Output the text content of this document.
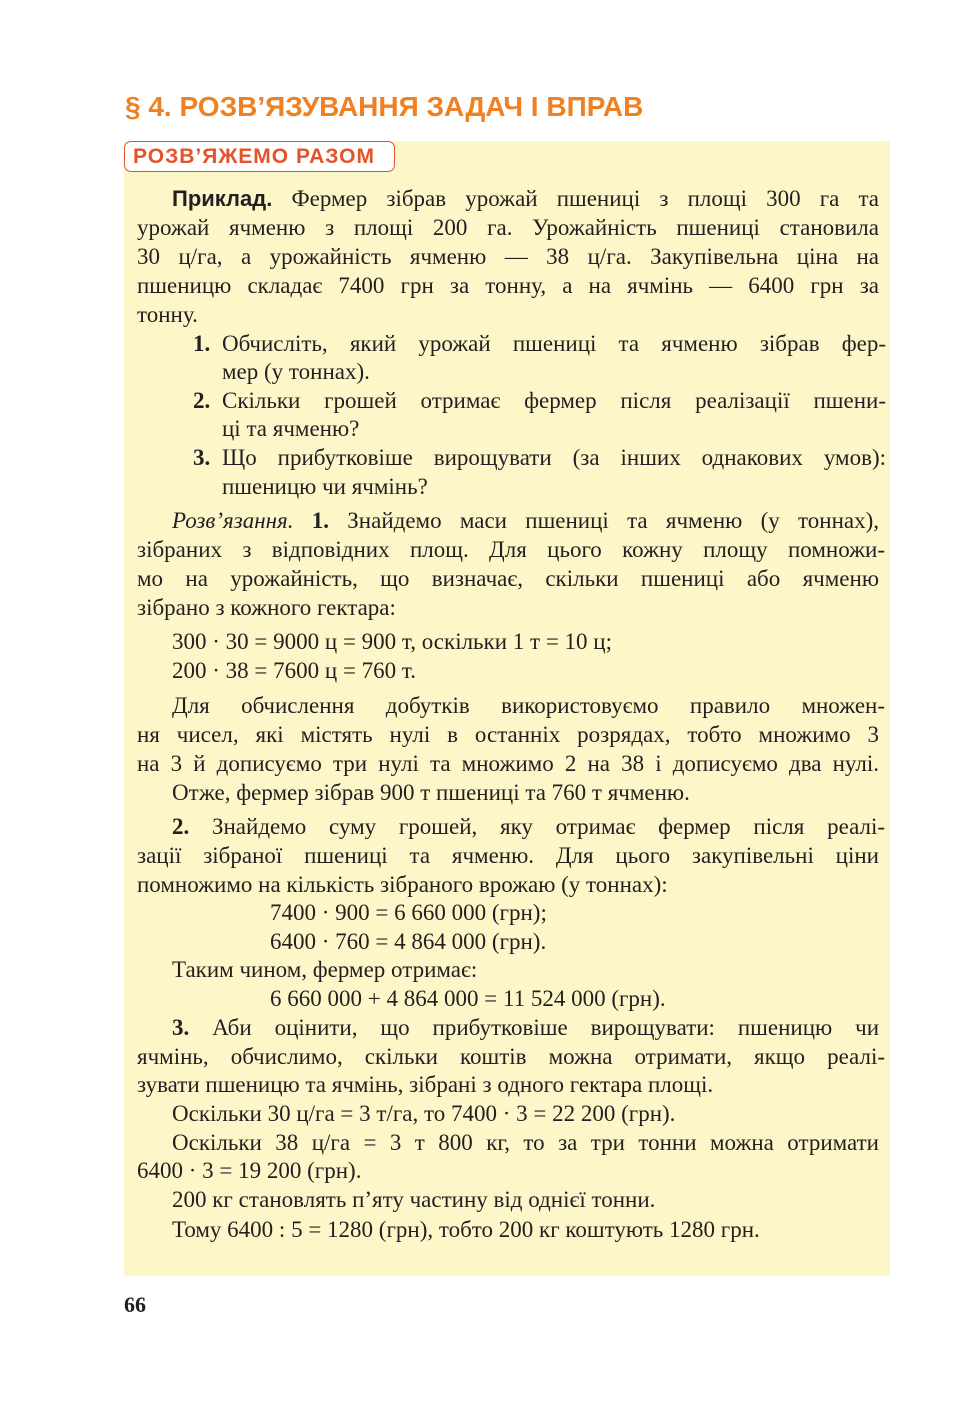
§ 4. РОЗВ’ЯЗУВАННЯ ЗАДАЧ І ВПРАВ
РОЗВ’ЯЖЕМО РАЗОМ
Приклад. Фермер зібрав урожай пшениці з площі 300 га та
урожай ячменю з площі 200 га. Урожайність пшениці становила
30 ц/га, а урожайність ячменю — 38 ц/га. Закупівельна ціна на
пшеницю складає 7400 грн за тонну, а на ячмінь — 6400 грн за
тонну.
1. Обчисліть, який урожай пшениці та ячменю зібрав фер-
мер (у тоннах).
2. Скільки грошей отримає фермер після реалізації пшени-
ці та ячменю?
3. Що прибутковіше вирощувати (за інших однакових умов):
пшеницю чи ячмінь?
Розв’язання. 1. Знайдемо маси пшениці та ячменю (у тоннах),
зібраних з відповідних площ. Для цього кожну площу помножи-
мо на урожайність, що визначає, скільки пшениці або ячменю
зібрано з кожного гектара:
300 · 30 = 9000 ц = 900 т, оскільки 1 т = 10 ц;
200 · 38 = 7600 ц = 760 т.
Для обчислення добутків використовуємо правило множен-
ня чисел, які містять нулі в останніх розрядах, тобто множимо 3
на 3 й дописуємо три нулі та множимо 2 на 38 і дописуємо два нулі.
Отже, фермер зібрав 900 т пшениці та 760 т ячменю.
2. Знайдемо суму грошей, яку отримає фермер після реалі-
зації зібраної пшениці та ячменю. Для цього закупівельні ціни
помножимо на кількість зібраного врожаю (у тоннах):
7400 · 900 = 6 660 000 (грн);
6400 · 760 = 4 864 000 (грн).
Таким чином, фермер отримає:
6 660 000 + 4 864 000 = 11 524 000 (грн).
3. Аби оцінити, що прибутковіше вирощувати: пшеницю чи
ячмінь, обчислимо, скільки коштів можна отримати, якщо реалі-
зувати пшеницю та ячмінь, зібрані з одного гектара площі.
Оскільки 30 ц/га = 3 т/га, то 7400 · 3 = 22 200 (грн).
Оскільки 38 ц/га = 3 т 800 кг, то за три тонни можна отримати
6400 · 3 = 19 200 (грн).
200 кг становлять п’яту частину від однієї тонни.
Тому 6400 : 5 = 1280 (грн), тобто 200 кг коштують 1280 грн.
66
